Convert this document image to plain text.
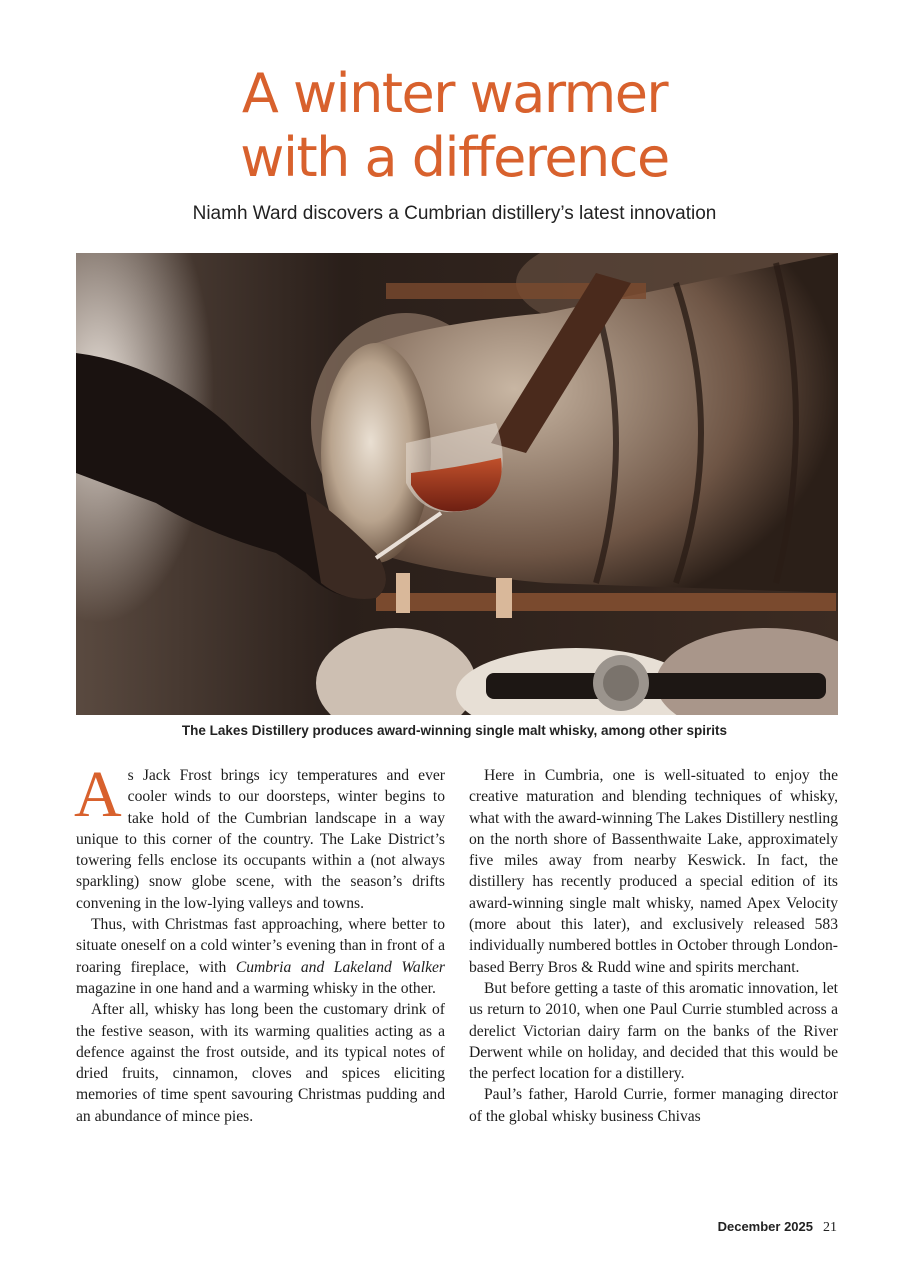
A winter warmer
with a difference
Niamh Ward discovers a Cumbrian distillery’s latest innovation
The Lakes Distillery produces award-winning single malt whisky, among other spirits

As Jack Frost brings icy temperatures and ever cooler winds to our doorsteps, winter begins to take hold of the Cumbrian landscape in a way unique to this corner of the country. The Lake District’s towering fells enclose its occupants within a (not always sparkling) snow globe scene, with the season’s drifts convening in the low-lying valleys and towns.

Thus, with Christmas fast approaching, where better to situate oneself on a cold winter’s evening than in front of a roaring fireplace, with Cumbria and Lakeland Walker magazine in one hand and a warming whisky in the other.

After all, whisky has long been the customary drink of the festive season, with its warming qualities acting as a defence against the frost outside, and its typical notes of dried fruits, cinnamon, cloves and spices eliciting memories of time spent savouring Christmas pudding and an abundance of mince pies.

Here in Cumbria, one is well-situated to enjoy the creative maturation and blending techniques of whisky, what with the award-winning The Lakes Distillery nestling on the north shore of Bassenthwaite Lake, approximately five miles away from nearby Keswick. In fact, the distillery has recently produced a special edition of its award-winning single malt whisky, named Apex Velocity (more about this later), and exclusively released 583 individually numbered bottles in October through London-based Berry Bros & Rudd wine and spirits merchant.

But before getting a taste of this aromatic innovation, let us return to 2010, when one Paul Currie stumbled across a derelict Victorian dairy farm on the banks of the River Derwent while on holiday, and decided that this would be the perfect location for a distillery.

Paul’s father, Harold Currie, former managing director of the global whisky business Chivas

December 2025 21
